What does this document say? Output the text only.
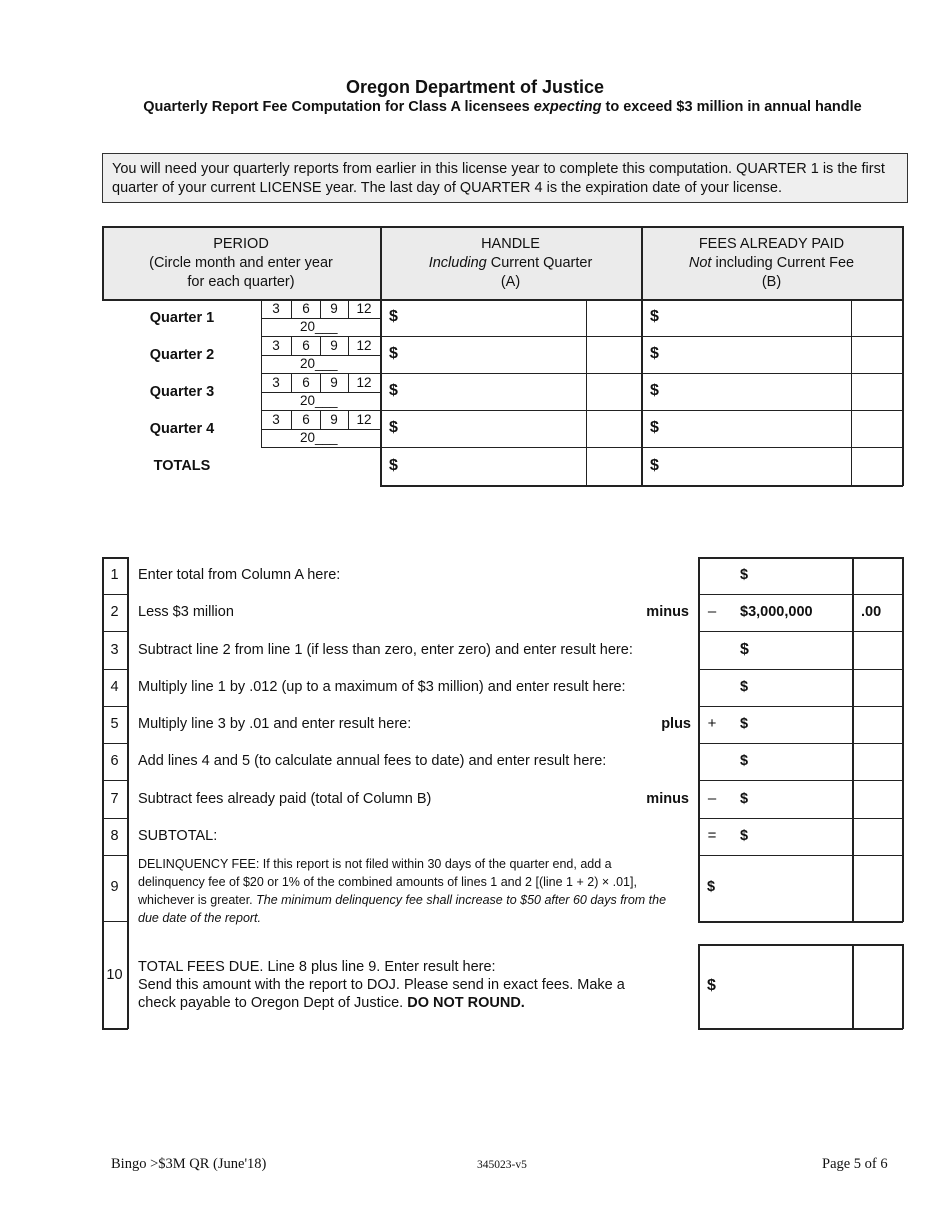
Oregon Department of Justice
Quarterly Report Fee Computation for Class A licensees expecting to exceed $3 million in annual handle
You will need your quarterly reports from earlier in this license year to complete this computation. QUARTER 1 is the first quarter of your current LICENSE year. The last day of QUARTER 4 is the expiration date of your license.
PERIOD
(Circle month and enter year
for each quarter)
HANDLE
Including Current Quarter
(A)
FEES ALREADY PAID
Not including Current Fee
(B)
Quarter 1
3	6	9	12
20___
$	$
Quarter 2
3	6	9	12
20___
$	$
Quarter 3
3	6	9	12
20___
$	$
Quarter 4
3	6	9	12
20___
$	$
TOTALS	$	$
1	Enter total from Column A here:	$
2	Less $3 million	minus	–	$3,000,000	.00
3	Subtract line 2 from line 1 (if less than zero, enter zero) and enter result here:	$
4	Multiply line 1 by .012 (up to a maximum of $3 million) and enter result here:	$
5	Multiply line 3 by .01 and enter result here:	plus	+	$
6	Add lines 4 and 5 (to calculate annual fees to date) and enter result here:	$
7	Subtract fees already paid (total of Column B)	minus	–	$
8	SUBTOTAL:	=	$
9
DELINQUENCY FEE: If this report is not filed within 30 days of the quarter end, add a delinquency fee of $20 or 1% of the combined amounts of lines 1 and 2 [(line 1 + 2) × .01], whichever is greater. The minimum delinquency fee shall increase to $50 after 60 days from the due date of the report.
$
10	TOTAL FEES DUE. Line 8 plus line 9. Enter result here:
Send this amount with the report to DOJ. Please send in exact fees. Make a
check payable to Oregon Dept of Justice. DO NOT ROUND.
$
Bingo >$3M QR (June'18)	345023-v5	Page 5 of 6
